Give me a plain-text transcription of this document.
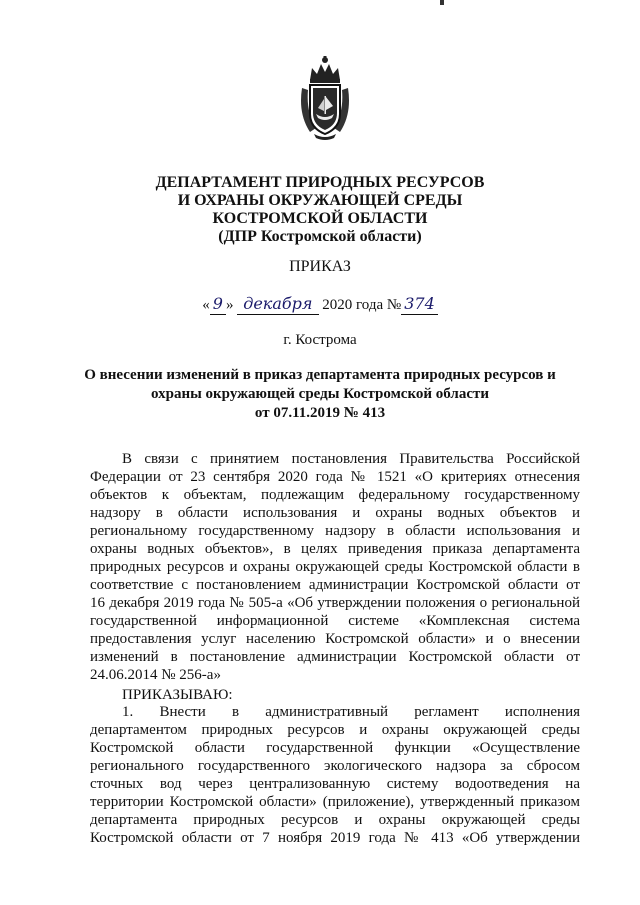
ДЕПАРТАМЕНТ ПРИРОДНЫХ РЕСУРСОВ
И ОХРАНЫ ОКРУЖАЮЩЕЙ СРЕДЫ
КОСТРОМСКОЙ ОБЛАСТИ
(ДПР Костромской области)
ПРИКАЗ
« 9 » декабря 2020 года № 374
г. Кострома
О внесении изменений в приказ департамента природных ресурсов и
охраны окружающей среды Костромской области
от 07.11.2019 № 413
В связи с принятием постановления Правительства Российской
Федерации от 23 сентября 2020 года № 1521 «О критериях отнесения
объектов к объектам, подлежащим федеральному государственному
надзору в области использования и охраны водных объектов и
региональному государственному надзору в области использования и
охраны водных объектов», в целях приведения приказа департамента
природных ресурсов и охраны окружающей среды Костромской области в
соответствие с постановлением администрации Костромской области от
16 декабря 2019 года № 505-а «Об утверждении положения о региональной
государственной информационной системе «Комплексная система
предоставления услуг населению Костромской области» и о внесении
изменений в постановление администрации Костромской области от
24.06.2014 № 256-а»
ПРИКАЗЫВАЮ:
1. Внести в административный регламент исполнения
департаментом природных ресурсов и охраны окружающей среды
Костромской области государственной функции «Осуществление
регионального государственного экологического надзора за сбросом
сточных вод через централизованную систему водоотведения на
территории Костромской области» (приложение), утвержденный приказом
департамента природных ресурсов и охраны окружающей среды
Костромской области от 7 ноября 2019 года № 413 «Об утверждении
